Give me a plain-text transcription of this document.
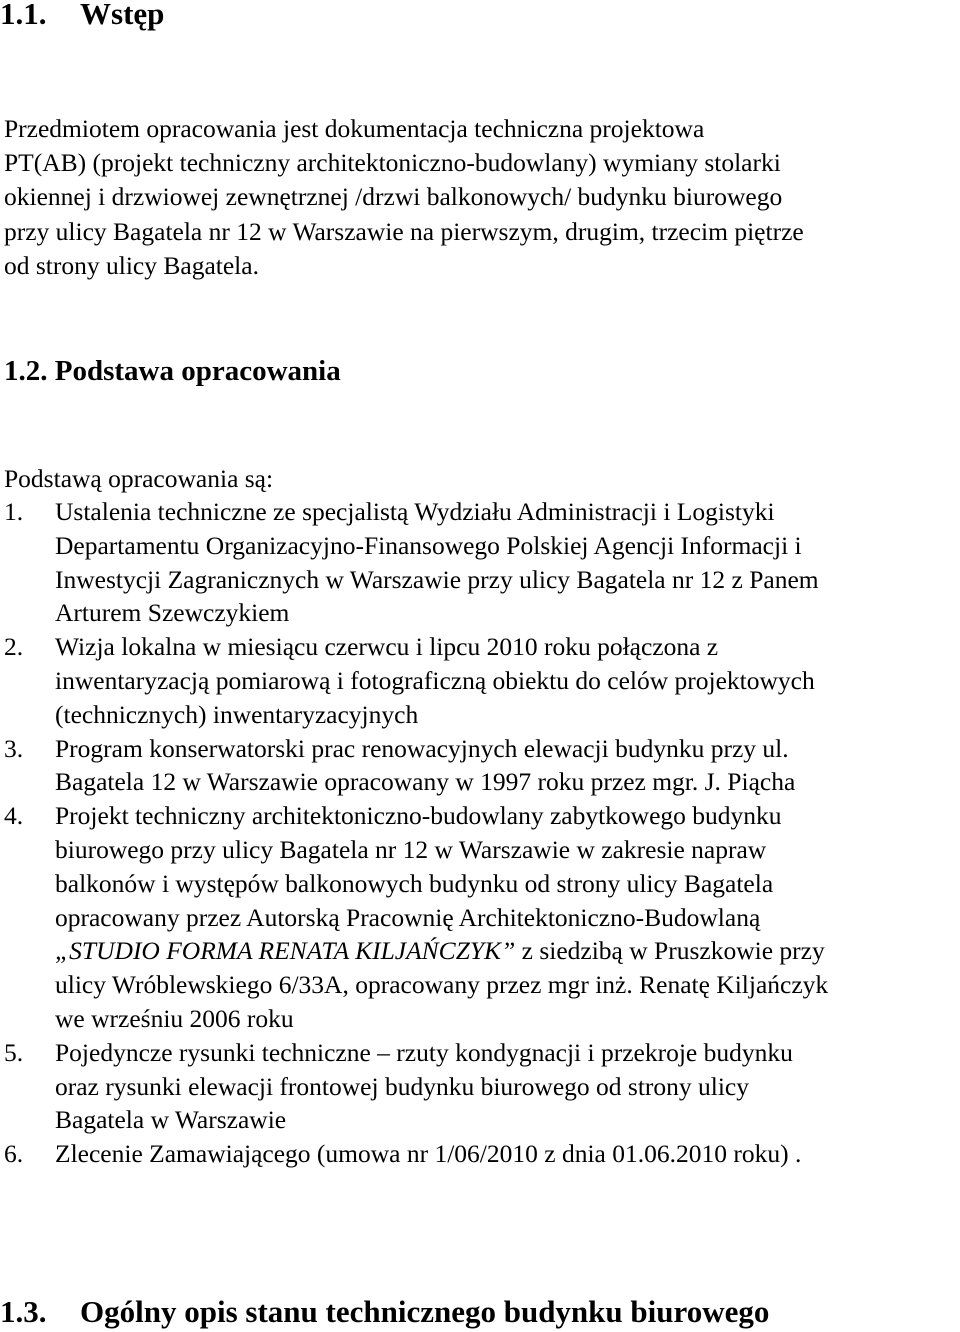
1.1. Wstęp
Przedmiotem opracowania jest dokumentacja techniczna projektowa
PT(AB) (projekt techniczny architektoniczno-budowlany) wymiany stolarki
okiennej i drzwiowej zewnętrznej /drzwi balkonowych/ budynku biurowego
przy ulicy Bagatela nr 12 w Warszawie na pierwszym, drugim, trzecim piętrze
od strony ulicy Bagatela.
1.2. Podstawa opracowania
Podstawą opracowania są:
1. Ustalenia techniczne ze specjalistą Wydziału Administracji i Logistyki
Departamentu Organizacyjno-Finansowego Polskiej Agencji Informacji i
Inwestycji Zagranicznych w Warszawie przy ulicy Bagatela nr 12 z Panem
Arturem Szewczykiem
2. Wizja lokalna w miesiącu czerwcu i lipcu 2010 roku połączona z
inwentaryzacją pomiarową i fotograficzną obiektu do celów projektowych
(technicznych) inwentaryzacyjnych
3. Program konserwatorski prac renowacyjnych elewacji budynku przy ul.
Bagatela 12 w Warszawie opracowany w 1997 roku przez mgr. J. Piącha
4. Projekt techniczny architektoniczno-budowlany zabytkowego budynku
biurowego przy ulicy Bagatela nr 12 w Warszawie w zakresie napraw
balkonów i występów balkonowych budynku od strony ulicy Bagatela
opracowany przez Autorską Pracownię Architektoniczno-Budowlaną
„STUDIO FORMA RENATA KILJAŃCZYK” z siedzibą w Pruszkowie przy
ulicy Wróblewskiego 6/33A, opracowany przez mgr inż. Renatę Kiljańczyk
we wrześniu 2006 roku
5. Pojedyncze rysunki techniczne – rzuty kondygnacji i przekroje budynku
oraz rysunki elewacji frontowej budynku biurowego od strony ulicy
Bagatela w Warszawie
6. Zlecenie Zamawiającego (umowa nr 1/06/2010 z dnia 01.06.2010 roku) .
1.3. Ogólny opis stanu technicznego budynku biurowego
